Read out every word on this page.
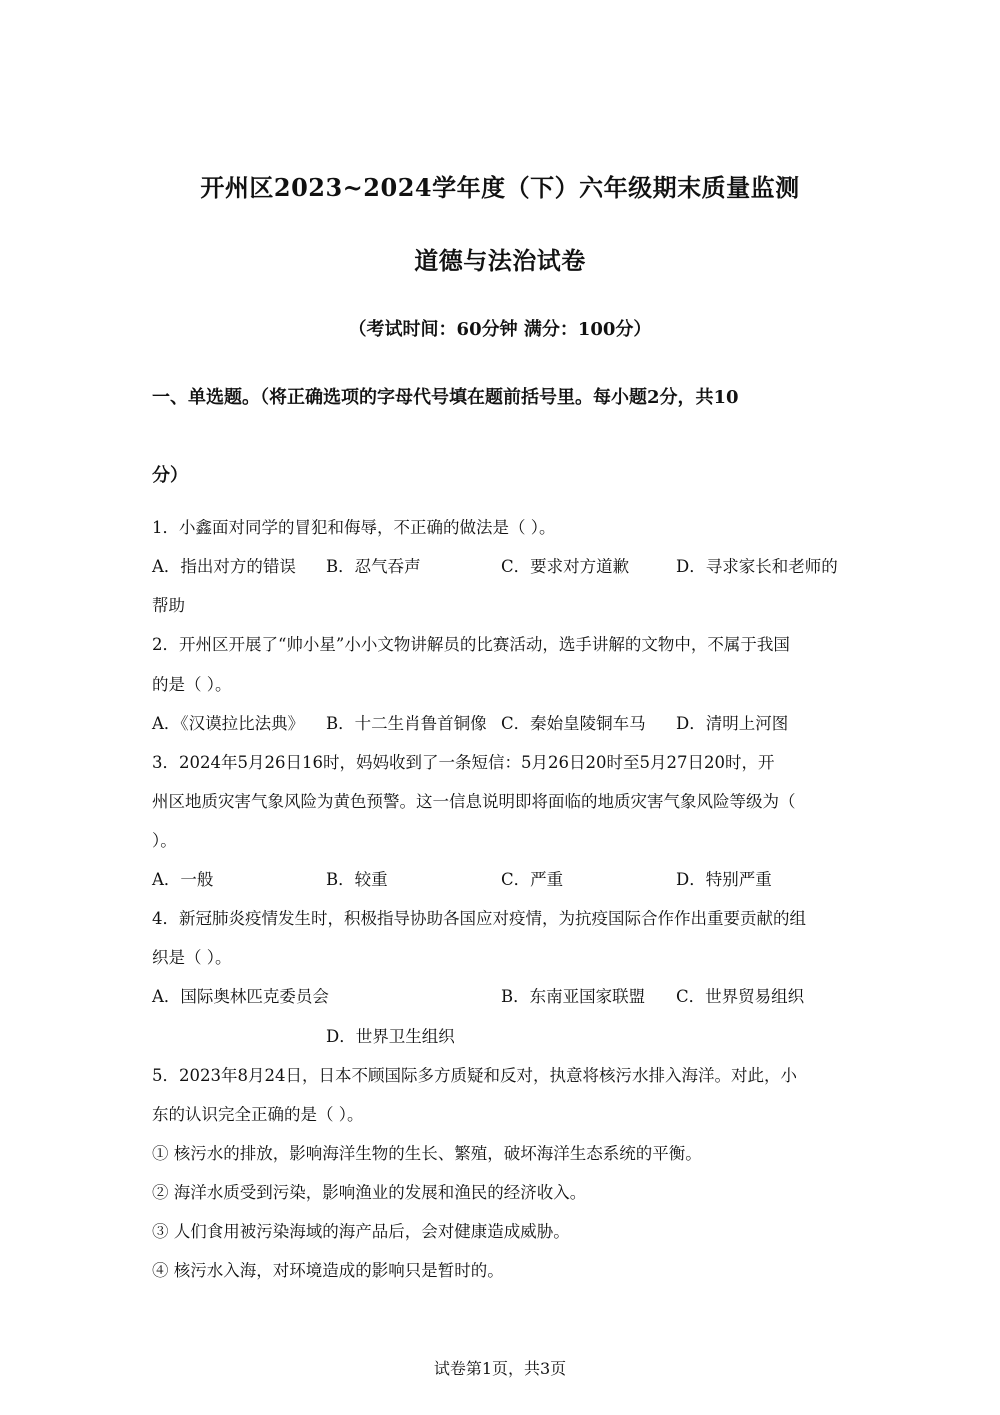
开州区2023~2024学年度（下）六年级期末质量监测
道德与法治试卷
（考试时间：60分钟 满分：100分）
一、单选题。（将正确选项的字母代号填在题前括号里。每小题2分，共10
分）
1．小鑫面对同学的冒犯和侮辱，不正确的做法是（ ）。
A．指出对方的错误 B．忍气吞声	C．要求对方道歉	D．寻求家长和老师的
帮助
2．开州区开展了“帅小星”小小文物讲解员的比赛活动，选手讲解的文物中，不属于我国
的是（ ）。
A．《汉谟拉比法典》 B．十二生肖鲁首铜像 C．秦始皇陵铜车马 D．清明上河图
3．2024年5月26日16时，妈妈收到了一条短信：5月26日20时至5月27日20时，开
州区地质灾害气象风险为黄色预警。这一信息说明即将面临的地质灾害气象风险等级为（
）。
A．一般	B．较重	C．严重	D．特别严重
4．新冠肺炎疫情发生时，积极指导协助各国应对疫情，为抗疫国际合作作出重要贡献的组
织是（ ）。
A．国际奥林匹克委员会	B．东南亚国家联盟 C．世界贸易组织
D．世界卫生组织
5．2023年8月24日，日本不顾国际多方质疑和反对，执意将核污水排入海洋。对此，小
东的认识完全正确的是（ ）。
① 核污水的排放，影响海洋生物的生长、繁殖，破坏海洋生态系统的平衡。
② 海洋水质受到污染，影响渔业的发展和渔民的经济收入。
③ 人们食用被污染海域的海产品后，会对健康造成威胁。
④ 核污水入海，对环境造成的影响只是暂时的。
试卷第1页，共3页
